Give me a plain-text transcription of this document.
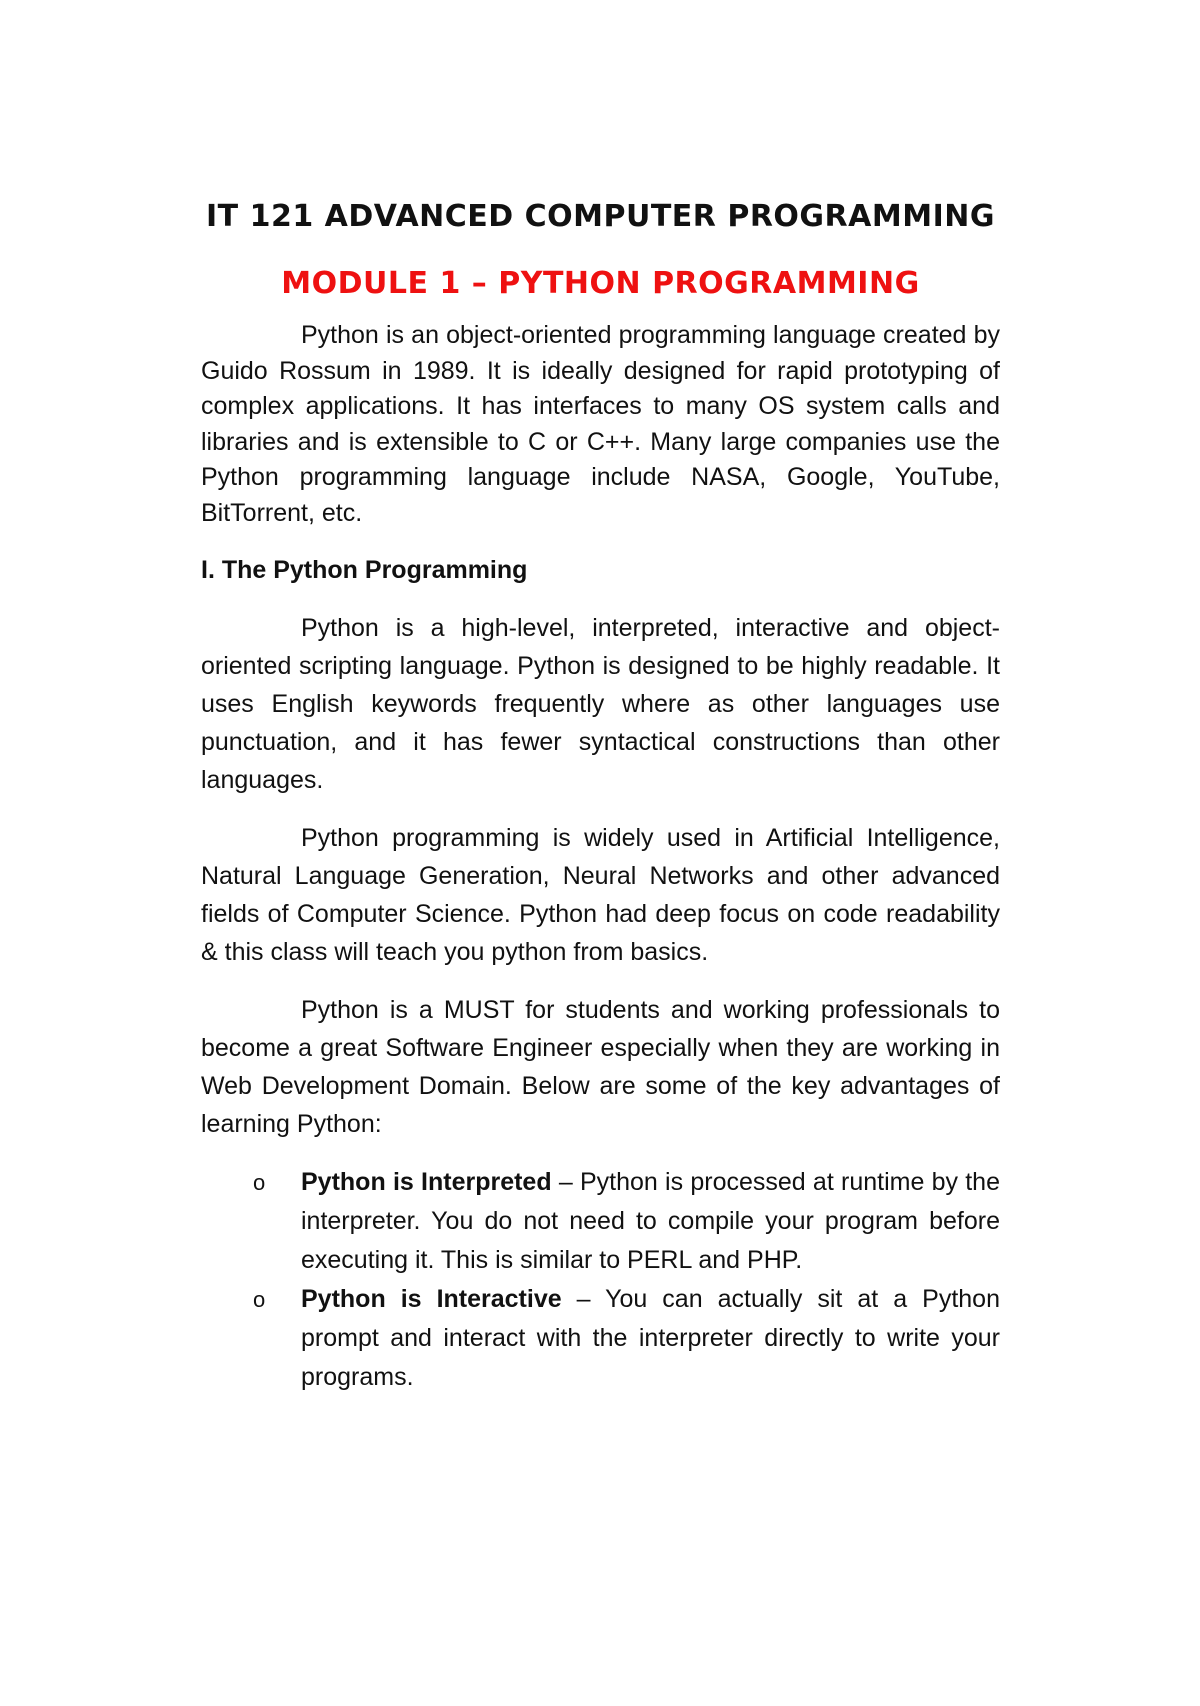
IT 121 ADVANCED COMPUTER PROGRAMMING
MODULE 1 – PYTHON PROGRAMMING

Python is an object-oriented programming language created by Guido Rossum in 1989. It is ideally designed for rapid prototyping of complex applications. It has interfaces to many OS system calls and libraries and is extensible to C or C++. Many large companies use the Python programming language include NASA, Google, YouTube, BitTorrent, etc.

I. The Python Programming

Python is a high-level, interpreted, interactive and object-oriented scripting language. Python is designed to be highly readable. It uses English keywords frequently where as other languages use punctuation, and it has fewer syntactical constructions than other languages.

Python programming is widely used in Artificial Intelligence, Natural Language Generation, Neural Networks and other advanced fields of Computer Science. Python had deep focus on code readability & this class will teach you python from basics.

Python is a MUST for students and working professionals to become a great Software Engineer especially when they are working in Web Development Domain. Below are some of the key advantages of learning Python:

o Python is Interpreted – Python is processed at runtime by the interpreter. You do not need to compile your program before executing it. This is similar to PERL and PHP.
o Python is Interactive – You can actually sit at a Python prompt and interact with the interpreter directly to write your programs.
